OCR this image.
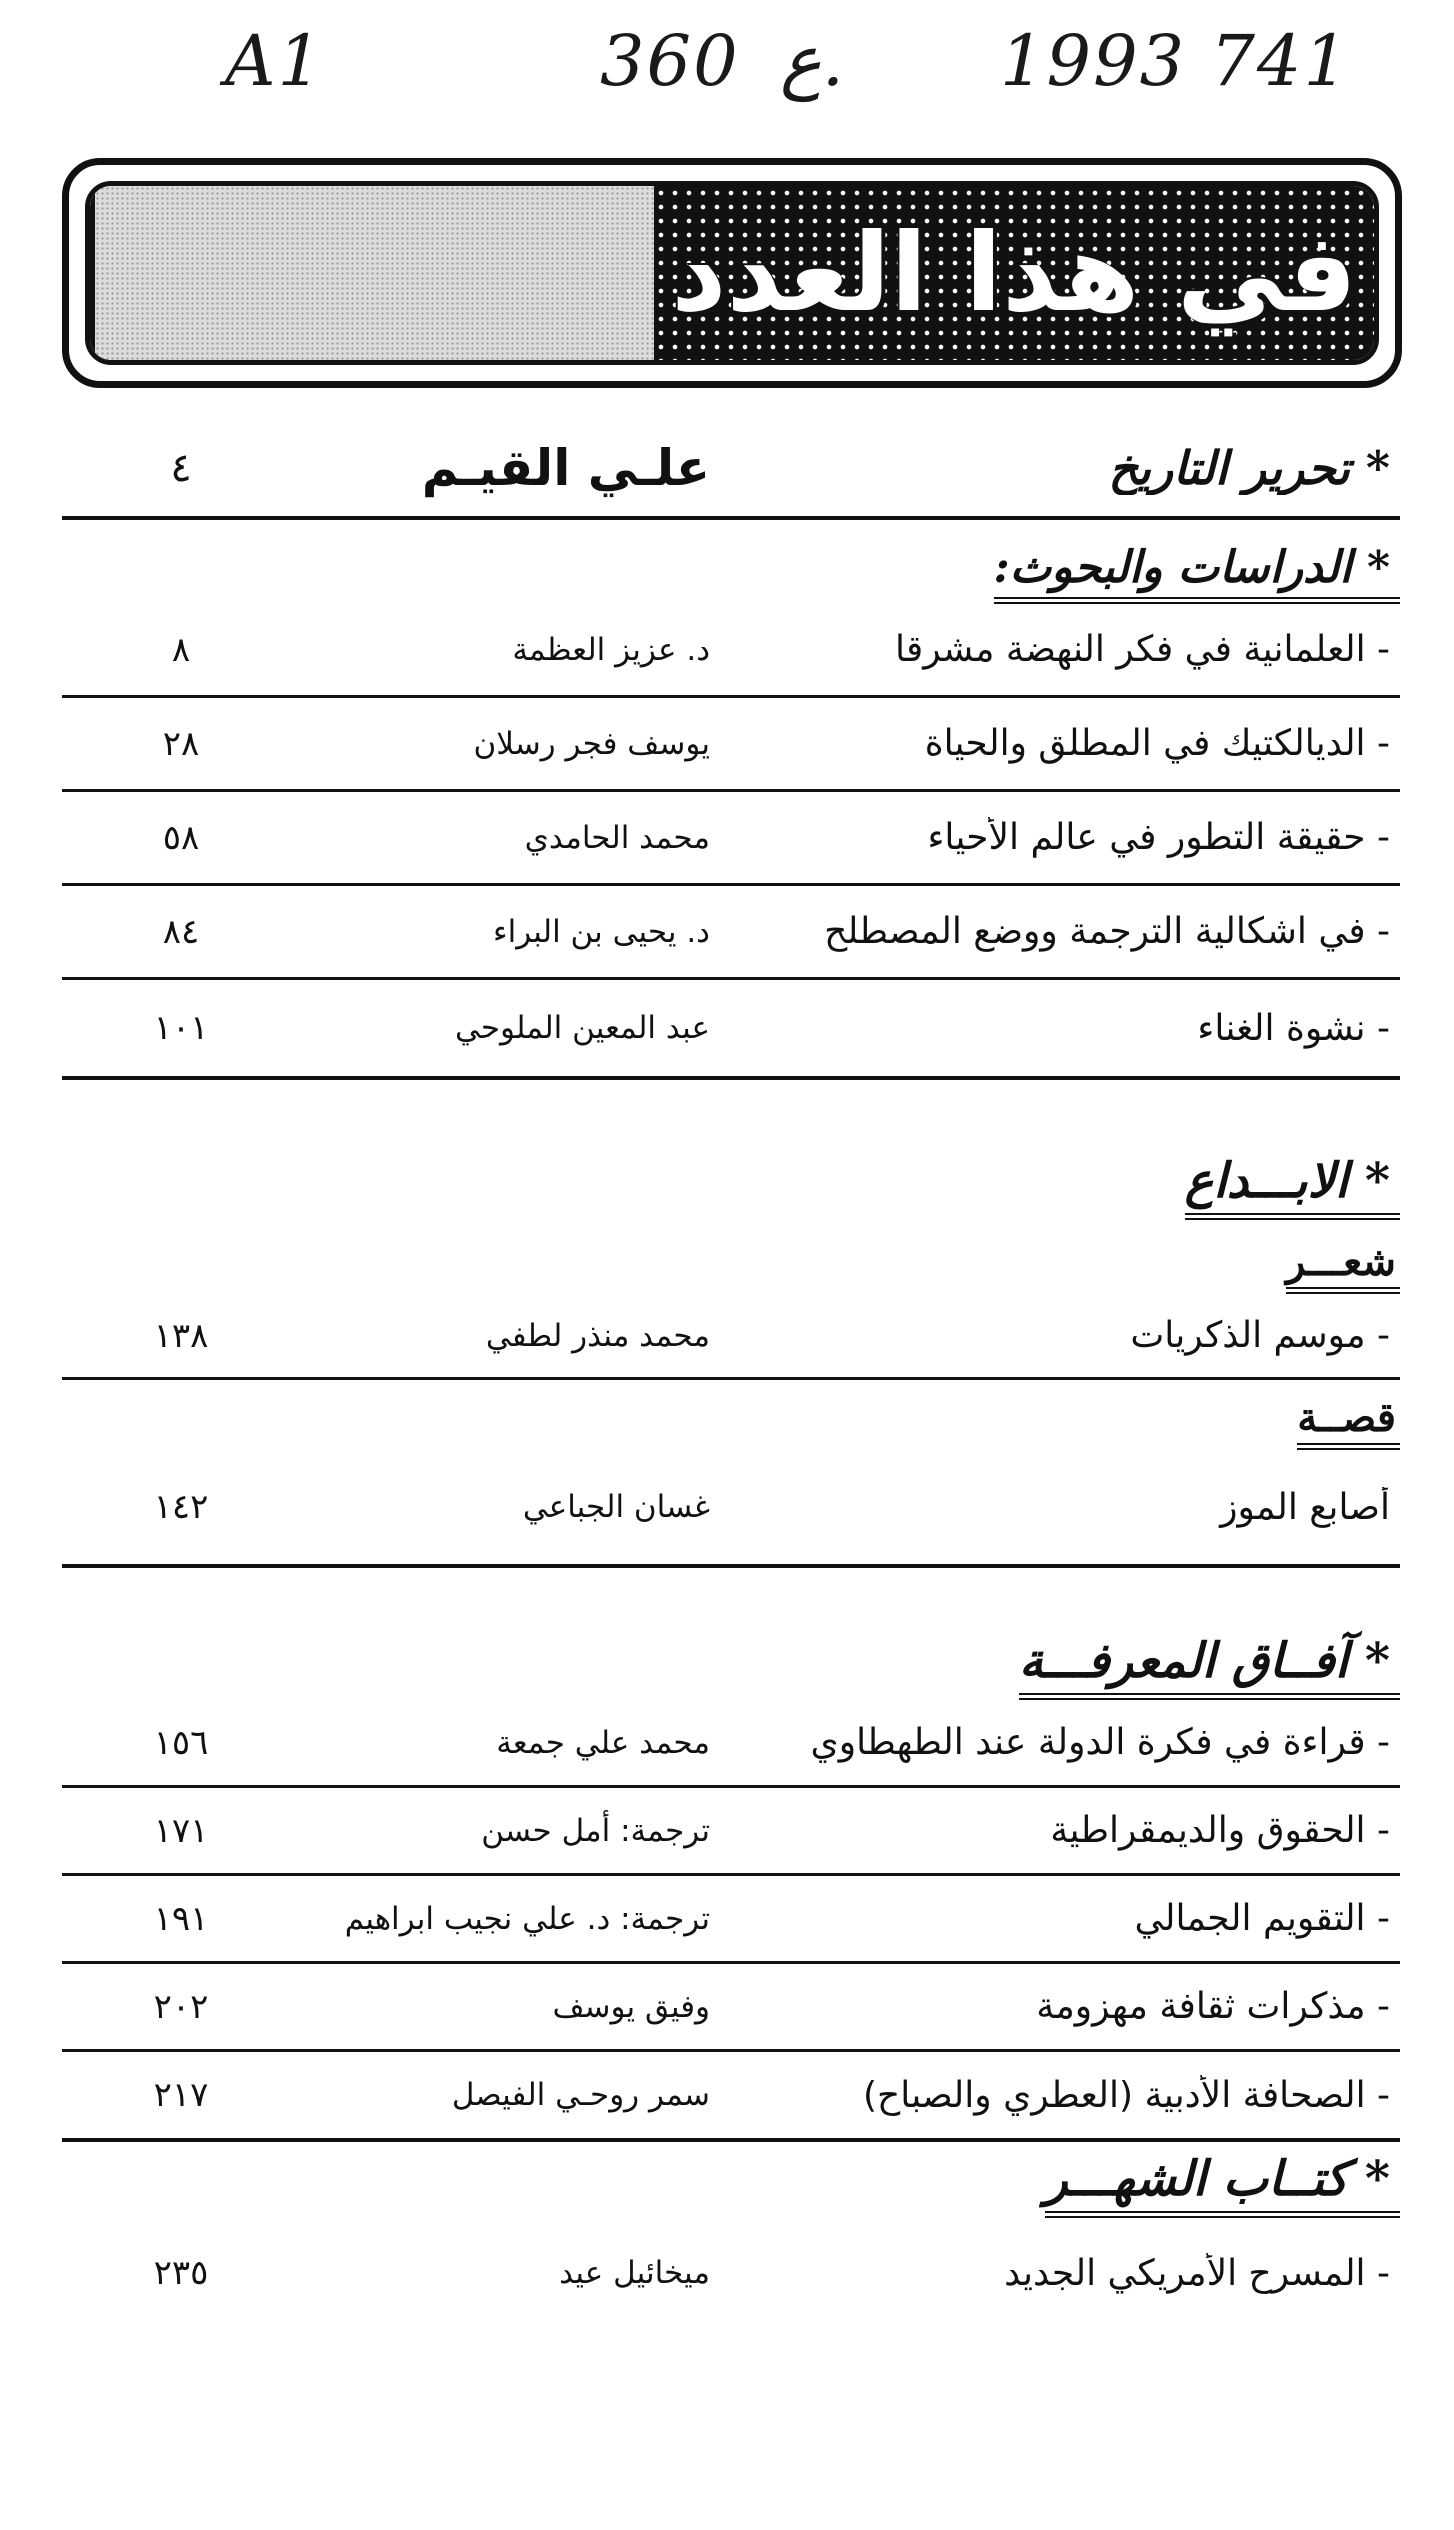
A1	360 ع. 1993 741
في هذا العدد
* تحرير التاريخ
علـي القيـم
٤
* الدراسات والبحوث:
- العلمانية في فكر النهضة مشرقا
د. عزيز العظمة
٨
- الديالكتيك في المطلق والحياة
يوسف فجر رسلان
٢٨
- حقيقة التطور في عالم الأحياء
محمد الحامدي
٥٨
- في اشكالية الترجمة ووضع المصطلح
د. يحيى بن البراء
٨٤
- نشوة الغناء
عبد المعين الملوحي
١٠١
* الابـــداع
شعـــر
- موسم الذكريات
محمد منذر لطفي
١٣٨
قصــة
أصابع الموز
غسان الجباعي
١٤٢
* آفــاق المعرفـــة
- قراءة في فكرة الدولة عند الطهطاوي
محمد علي جمعة
١٥٦
- الحقوق والديمقراطية
ترجمة: أمل حسن
١٧١
- التقويم الجمالي
ترجمة: د. علي نجيب ابراهيم
١٩١
- مذكرات ثقافة مهزومة
وفيق يوسف
٢٠٢
- الصحافة الأدبية (العطري والصباح)
سمر روحـي الفيصل
٢١٧
* كتــاب الشهـــر
- المسرح الأمريكي الجديد
ميخائيل عيد
٢٣٥
